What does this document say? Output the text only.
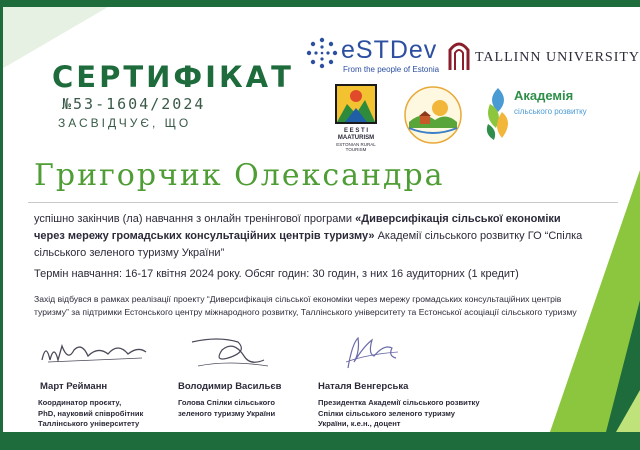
eSTDev
From the people of Estonia
TALLINN UNIVERSITY
E E S T I
MAATURISM
ESTONIAN RURAL TOURISM
Академія
сільського розвитку
СЕРТИФІКАТ
№53-1604/2024
ЗАСВІДЧУЄ, ЩО
Григорчик Олександра
успішно закінчив (ла) навчання з онлайн тренінгової програми «Диверсифікація сільської економіки через мережу громадських консультаційних центрів туризму» Академії сільського розвитку ГО “Спілка сільського зеленого туризму України”
Термін навчання: 16-17 квітня 2024 року. Обсяг годин: 30 годин, з них 16 аудиторних (1 кредит)
Захід відбувся в рамках реалізації проекту “Диверсифікація сільської економіки через мережу громадських консультаційних центрів туризму” за підтримки Естонського центру міжнародного розвитку, Таллінського університету та Естонської асоціації сільського туризму
Март Рейманн
Координатор проєкту,
PhD, науковий співробітник
Таллінського університету
Володимир Васильєв
Голова Спілки сільського
зеленого туризму України
Наталя Венгерська
Президентка Академії сільського розвитку
Спілки сільського зеленого туризму
України, к.е.н., доцент
